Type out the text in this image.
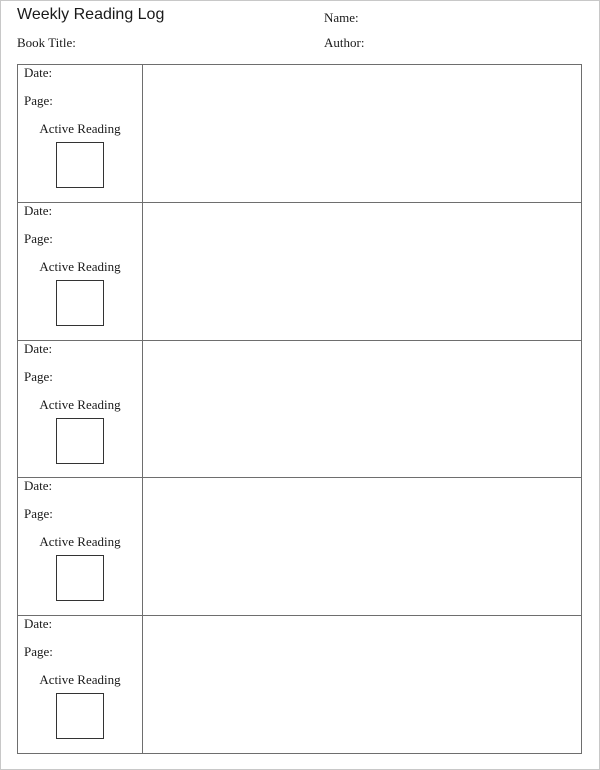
Weekly Reading Log	Name:
Book Title:	Author:
Date:
Page:
Active Reading
Date:
Page:
Active Reading
Date:
Page:
Active Reading
Date:
Page:
Active Reading
Date:
Page:
Active Reading
